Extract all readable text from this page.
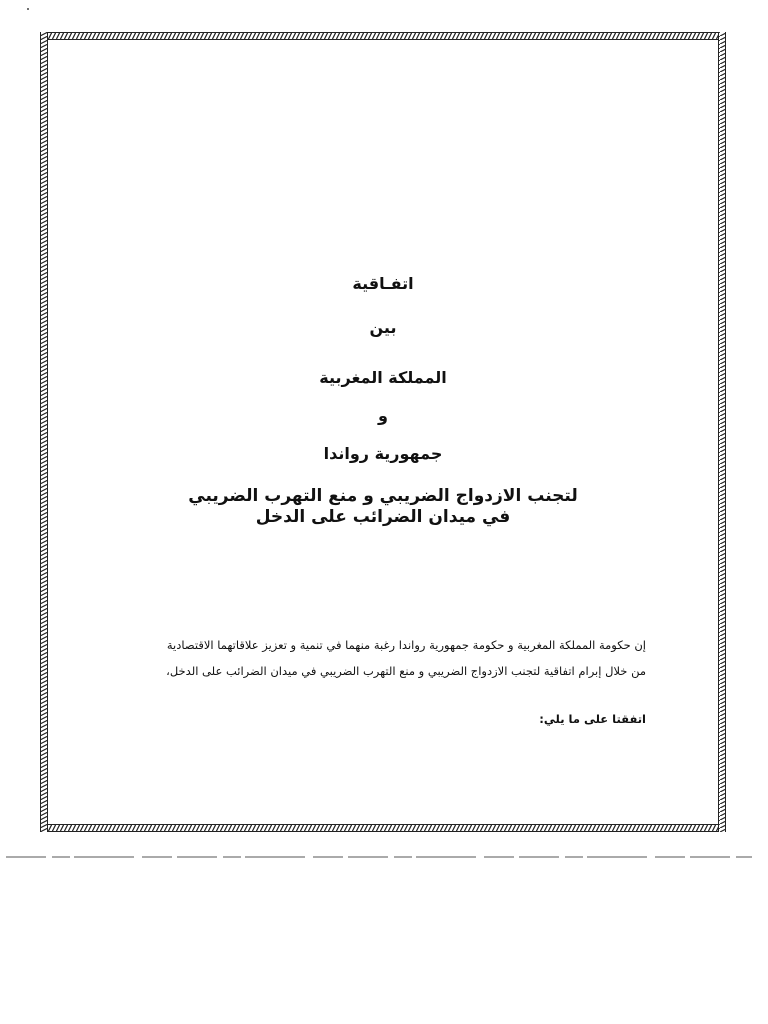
اتفـاقية
بين
المملكة المغربية
و
جمهورية رواندا
لتجنب الازدواج الضريبي و منع التهرب الضريبي
في ميدان الضرائب على الدخل
إن حكومة المملكة المغربية و حكومة جمهورية رواندا رغبة منهما في تنمية و تعزيز علاقاتهما الاقتصادية
من خلال إبرام اتفاقية لتجنب الازدواج الضريبي و منع التهرب الضريبي في ميدان الضرائب على الدخل،
اتفقتا على ما يلي:
